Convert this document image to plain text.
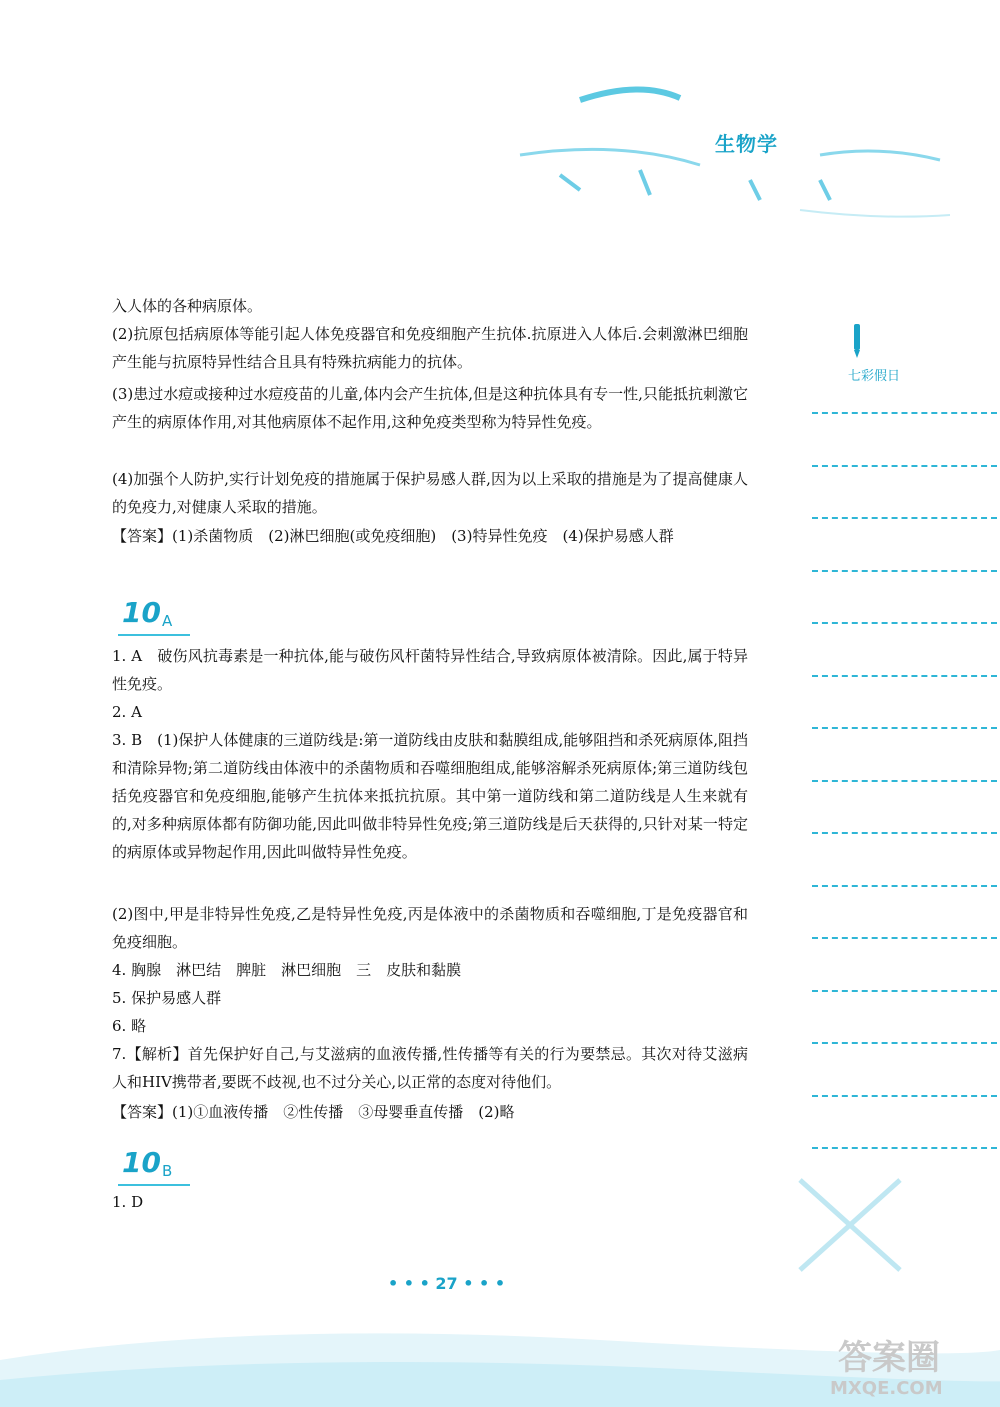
生物学
七彩假日
入人体的各种病原体。
(2)抗原包括病原体等能引起人体免疫器官和免疫细胞产生抗体.抗原进入人体后.会刺激淋巴细胞产生能与抗原特异性结合且具有特殊抗病能力的抗体。
(3)患过水痘或接种过水痘疫苗的儿童,体内会产生抗体,但是这种抗体具有专一性,只能抵抗刺激它产生的病原体作用,对其他病原体不起作用,这种免疫类型称为特异性免疫。
(4)加强个人防护,实行计划免疫的措施属于保护易感人群,因为以上采取的措施是为了提高健康人的免疫力,对健康人采取的措施。
【答案】(1)杀菌物质　(2)淋巴细胞(或免疫细胞)　(3)特异性免疫　(4)保护易感人群
10 A
1. A　破伤风抗毒素是一种抗体,能与破伤风杆菌特异性结合,导致病原体被清除。因此,属于特异性免疫。
2. A
3. B　(1)保护人体健康的三道防线是:第一道防线由皮肤和黏膜组成,能够阻挡和杀死病原体,阻挡和清除异物;第二道防线由体液中的杀菌物质和吞噬细胞组成,能够溶解杀死病原体;第三道防线包括免疫器官和免疫细胞,能够产生抗体来抵抗抗原。其中第一道防线和第二道防线是人生来就有的,对多种病原体都有防御功能,因此叫做非特异性免疫;第三道防线是后天获得的,只针对某一特定的病原体或异物起作用,因此叫做特异性免疫。
(2)图中,甲是非特异性免疫,乙是特异性免疫,丙是体液中的杀菌物质和吞噬细胞,丁是免疫器官和免疫细胞。
4. 胸腺　淋巴结　脾脏　淋巴细胞　三　皮肤和黏膜
5. 保护易感人群
6. 略
7.【解析】首先保护好自己,与艾滋病的血液传播,性传播等有关的行为要禁忌。其次对待艾滋病人和HIV携带者,要既不歧视,也不过分关心,以正常的态度对待他们。
【答案】(1)①血液传播　②性传播　③母婴垂直传播　(2)略
10 B
1. D
• • • 27 • • •
答案圈
MXQE.COM
